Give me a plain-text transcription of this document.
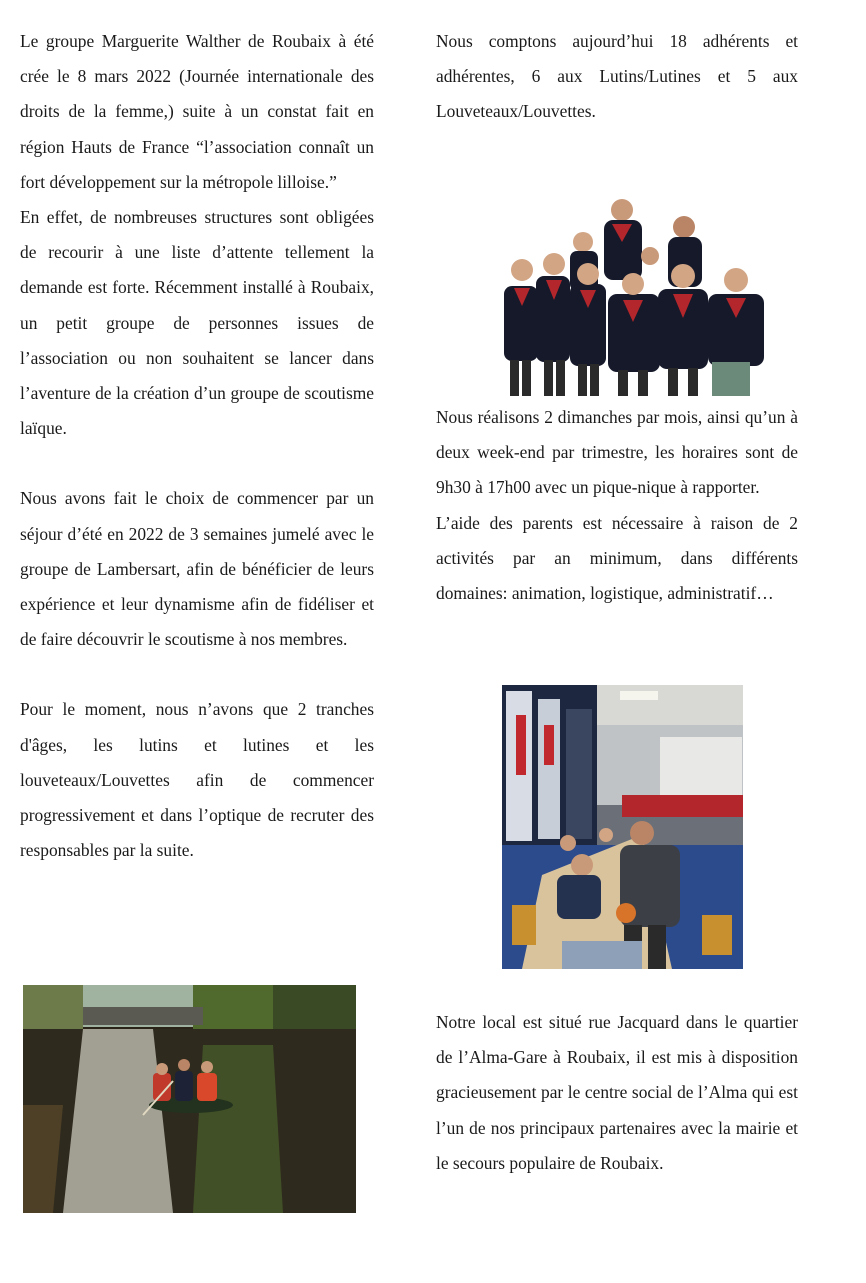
Le groupe Marguerite Walther de Roubaix à été crée le 8 mars 2022 (Journée internationale des droits de la femme,) suite à un constat fait en région Hauts de France “l’association connaît un fort développement sur la métropole lilloise.”

En effet, de nombreuses structures sont obligées de recourir à une liste d’attente tellement la demande est forte. Récemment installé à Roubaix, un petit groupe de personnes issues de l’association ou non souhaitent se lancer dans l’aventure de la création d’un groupe de scoutisme laïque.

Nous avons fait le choix de commencer par un séjour d’été en 2022 de 3 semaines jumelé avec le groupe de Lambersart, afin de bénéficier de leurs expérience et leur dynamisme afin de fidéliser et de faire découvrir le scoutisme à nos membres.

Pour le moment, nous n’avons que 2 tranches d'âges, les lutins et lutines et les louveteaux/Louvettes afin de commencer progressivement et dans l’optique de recruter des responsables par la suite.

Nous comptons aujourd’hui 18 adhérents et adhérentes, 6 aux Lutins/Lutines et 5 aux Louveteaux/Louvettes.

Nous réalisons 2 dimanches par mois, ainsi qu’un à deux week-end par trimestre, les horaires sont de 9h30 à 17h00 avec un pique-nique à rapporter.

L’aide des parents est nécessaire à raison de 2 activités par an minimum, dans différents domaines: animation, logistique, administratif…

Notre local est situé rue Jacquard dans le quartier de l’Alma-Gare à Roubaix, il est mis à disposition gracieusement par le centre social de l’Alma qui est l’un de nos principaux partenaires avec la mairie et le secours populaire de Roubaix.
